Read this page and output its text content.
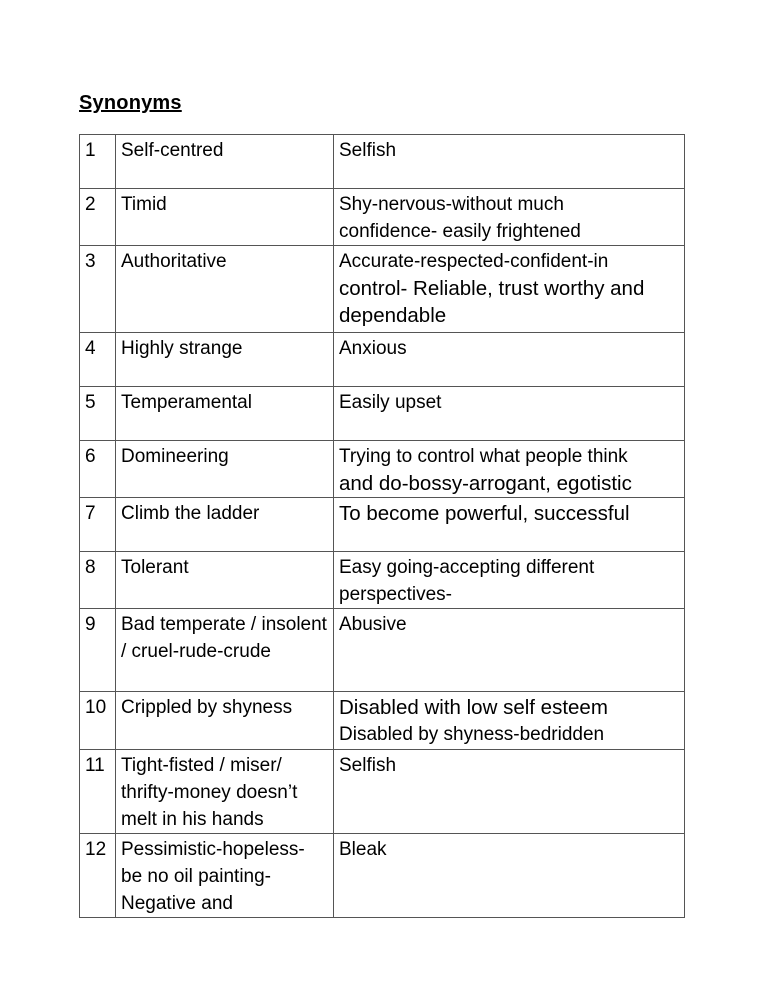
Synonyms
1	Self-centred	Selfish

2	Timid	Shy-nervous-without much
confidence- easily frightened

3	Authoritative	Accurate-respected-confident-in
control- Reliable, trust worthy and
dependable

4	Highly strange	Anxious

5	Temperamental	Easily upset

6	Domineering	Trying to control what people think
and do-bossy-arrogant, egotistic

7	Climb the ladder	To become powerful, successful

8	Tolerant	Easy going-accepting different
perspectives-

9	Bad temperate / insolent / cruel-rude-crude	Abusive

10	Crippled by shyness	Disabled with low self esteem
Disabled by shyness-bedridden

11	Tight-fisted / miser/ thrifty-money doesn’t melt in his hands	Selfish

12	Pessimistic-hopeless- be no oil painting- Negative and	Bleak
